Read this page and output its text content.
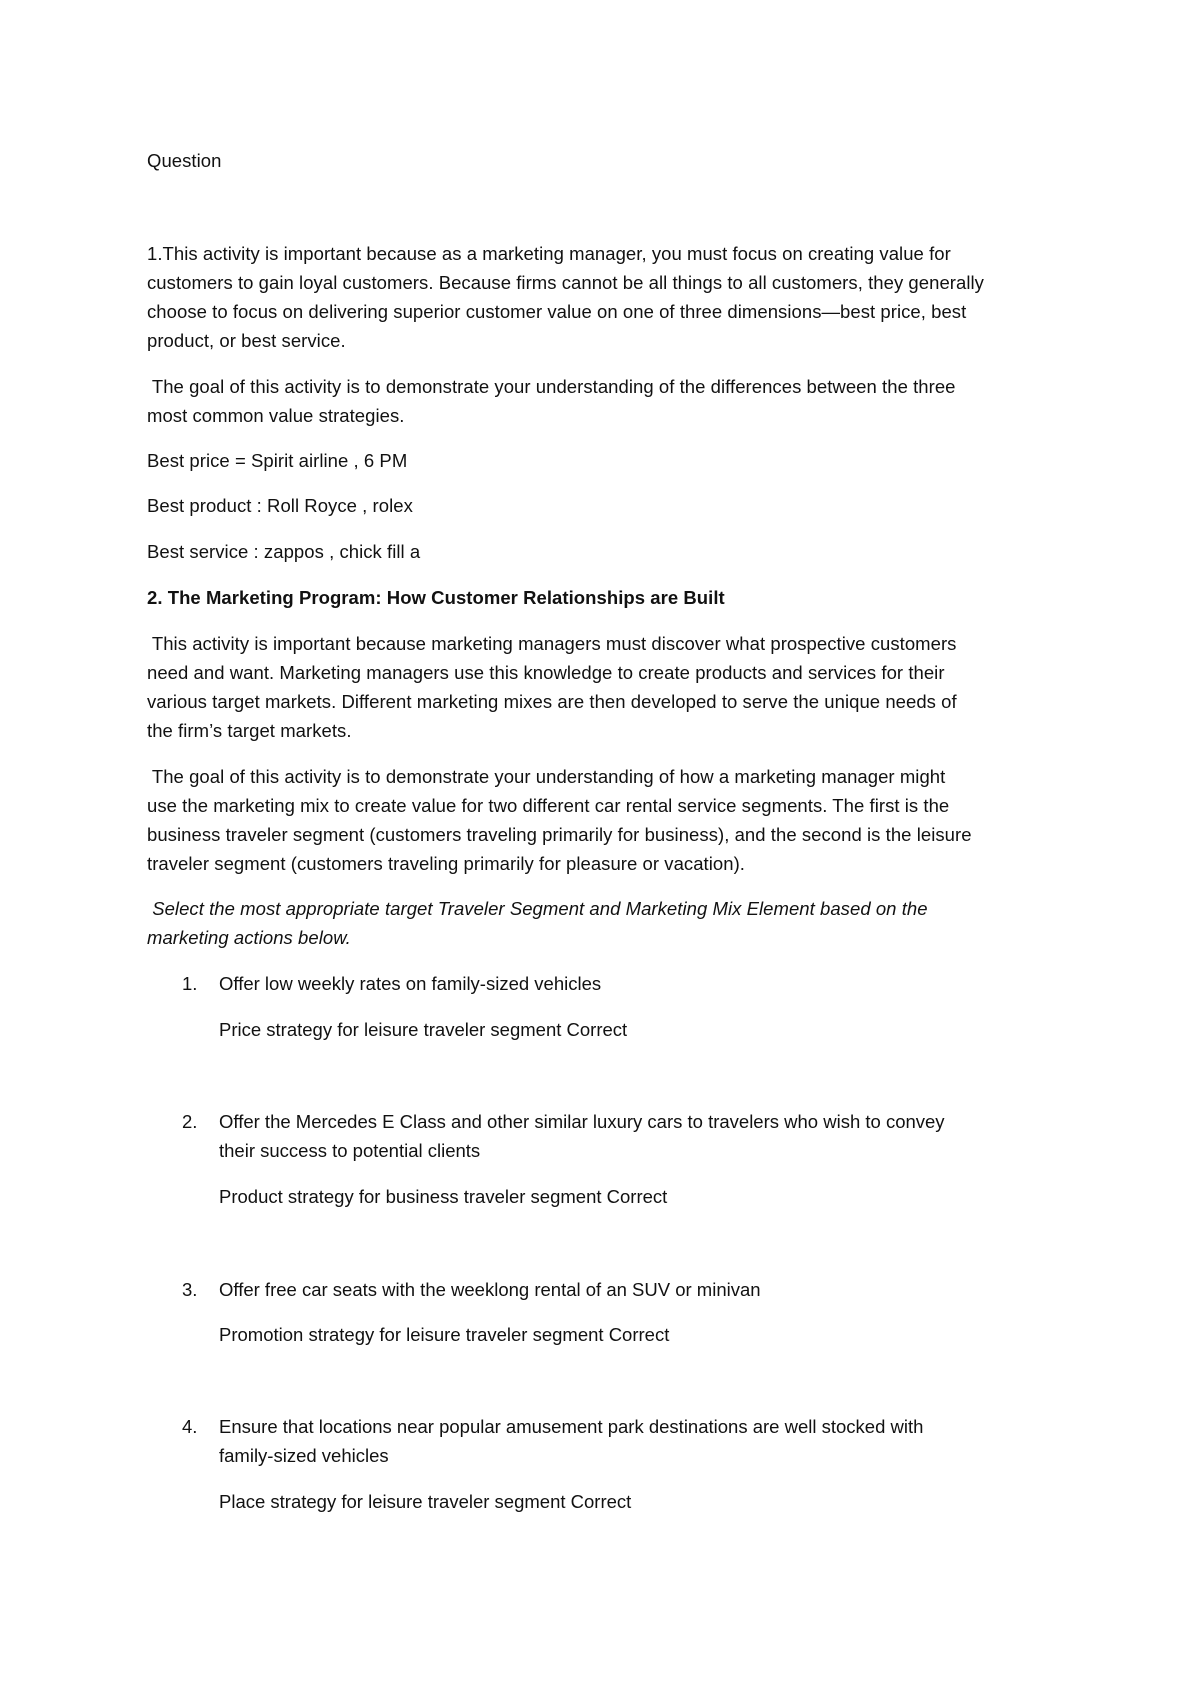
Question
1.This activity is important because as a marketing manager, you must focus on creating value for
customers to gain loyal customers. Because firms cannot be all things to all customers, they generally
choose to focus on delivering superior customer value on one of three dimensions—best price, best
product, or best service.
The goal of this activity is to demonstrate your understanding of the differences between the three
most common value strategies.
Best price = Spirit airline , 6 PM
Best product : Roll Royce , rolex
Best service : zappos , chick fill a
2. The Marketing Program: How Customer Relationships are Built
This activity is important because marketing managers must discover what prospective customers
need and want. Marketing managers use this knowledge to create products and services for their
various target markets. Different marketing mixes are then developed to serve the unique needs of
the firm’s target markets.
The goal of this activity is to demonstrate your understanding of how a marketing manager might
use the marketing mix to create value for two different car rental service segments. The first is the
business traveler segment (customers traveling primarily for business), and the second is the leisure
traveler segment (customers traveling primarily for pleasure or vacation).
Select the most appropriate target Traveler Segment and Marketing Mix Element based on the
marketing actions below.
1. Offer low weekly rates on family-sized vehicles
Price strategy for leisure traveler segment Correct
2. Offer the Mercedes E Class and other similar luxury cars to travelers who wish to convey
their success to potential clients
Product strategy for business traveler segment Correct
3. Offer free car seats with the weeklong rental of an SUV or minivan
Promotion strategy for leisure traveler segment Correct
4. Ensure that locations near popular amusement park destinations are well stocked with
family-sized vehicles
Place strategy for leisure traveler segment Correct
